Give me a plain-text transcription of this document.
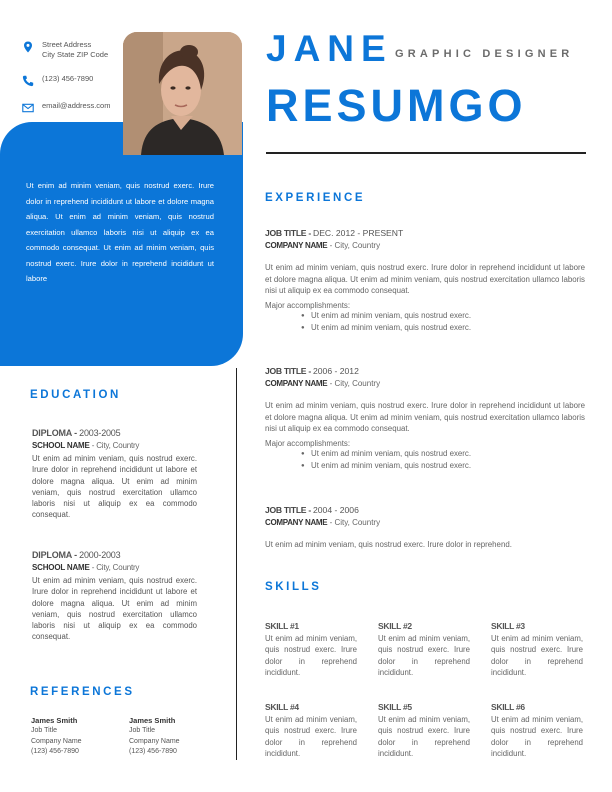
Street Address
City State ZIP Code
(123) 456-7890
email@address.com
Ut enim ad minim veniam, quis nostrud exerc. Irure dolor in reprehend incididunt ut labore et dolore magna aliqua. Ut enim ad minim veniam, quis nostrud exercitation ullamco laboris nisi ut aliquip ex ea commodo consequat. Ut enim ad minim veniam, quis nostrud exerc. Irure dolor in reprehend incididunt ut labore
JANE GRAPHIC DESIGNER
RESUMGO
EDUCATION
DIPLOMA - 2003-2005
SCHOOL NAME - City, Country
Ut enim ad minim veniam, quis nostrud exerc. Irure dolor in reprehend incididunt ut labore et dolore magna aliqua. Ut enim ad minim veniam, quis nostrud exercitation ullamco laboris nisi ut aliquip ex ea commodo consequat.
DIPLOMA - 2000-2003
SCHOOL NAME - City, Country
Ut enim ad minim veniam, quis nostrud exerc. Irure dolor in reprehend incididunt ut labore et dolore magna aliqua. Ut enim ad minim veniam, quis nostrud exercitation ullamco laboris nisi ut aliquip ex ea commodo consequat.
REFERENCES
James Smith
Job Title
Company Name
(123) 456-7890
James Smith
Job Title
Company Name
(123) 456-7890
EXPERIENCE
JOB TITLE - DEC. 2012 - PRESENT
COMPANY NAME - City, Country
Ut enim ad minim veniam, quis nostrud exerc. Irure dolor in reprehend incididunt ut labore et dolore magna aliqua. Ut enim ad minim veniam, quis nostrud exercitation ullamco laboris nisi ut aliquip ex ea commodo consequat.
Major accomplishments:
● Ut enim ad minim veniam, quis nostrud exerc.
● Ut enim ad minim veniam, quis nostrud exerc.
JOB TITLE - 2006 - 2012
COMPANY NAME - City, Country
Ut enim ad minim veniam, quis nostrud exerc. Irure dolor in reprehend incididunt ut labore et dolore magna aliqua. Ut enim ad minim veniam, quis nostrud exercitation ullamco laboris nisi ut aliquip ex ea commodo consequat.
Major accomplishments:
● Ut enim ad minim veniam, quis nostrud exerc.
● Ut enim ad minim veniam, quis nostrud exerc.
JOB TITLE - 2004 - 2006
COMPANY NAME - City, Country
Ut enim ad minim veniam, quis nostrud exerc. Irure dolor in reprehend.
SKILLS
SKILL #1
Ut enim ad minim veniam, quis nostrud exerc. Irure dolor in reprehend incididunt.
SKILL #2
Ut enim ad minim veniam, quis nostrud exerc. Irure dolor in reprehend incididunt.
SKILL #3
Ut enim ad minim veniam, quis nostrud exerc. Irure dolor in reprehend incididunt.
SKILL #4
Ut enim ad minim veniam, quis nostrud exerc. Irure dolor in reprehend incididunt.
SKILL #5
Ut enim ad minim veniam, quis nostrud exerc. Irure dolor in reprehend incididunt.
SKILL #6
Ut enim ad minim veniam, quis nostrud exerc. Irure dolor in reprehend incididunt.
